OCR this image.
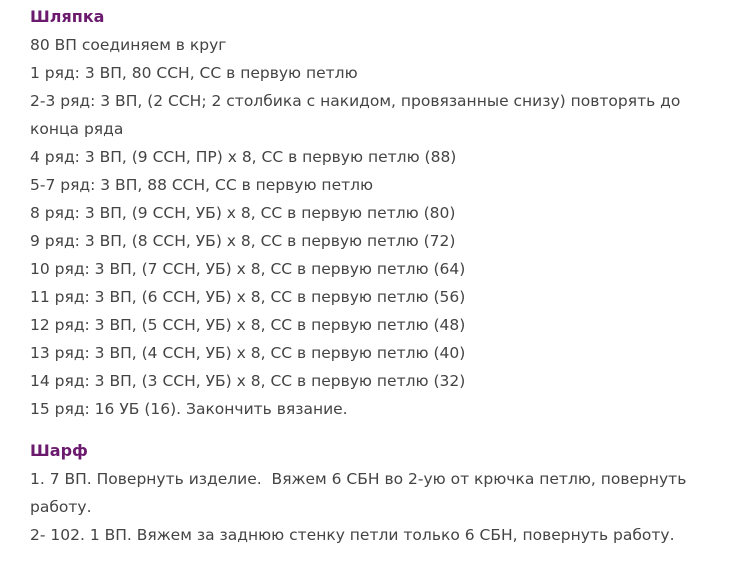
Шляпка
80 ВП соединяем в круг
1 ряд: 3 ВП, 80 ССН, СС в первую петлю
2-3 ряд: 3 ВП, (2 ССН; 2 столбика с накидом, провязанные снизу) повторять до
конца ряда
4 ряд: 3 ВП, (9 ССН, ПР) х 8, СС в первую петлю (88)
5-7 ряд: 3 ВП, 88 ССН, СС в первую петлю
8 ряд: 3 ВП, (9 ССН, УБ) х 8, СС в первую петлю (80)
9 ряд: 3 ВП, (8 ССН, УБ) х 8, СС в первую петлю (72)
10 ряд: 3 ВП, (7 ССН, УБ) х 8, СС в первую петлю (64)
11 ряд: 3 ВП, (6 ССН, УБ) х 8, СС в первую петлю (56)
12 ряд: 3 ВП, (5 ССН, УБ) х 8, СС в первую петлю (48)
13 ряд: 3 ВП, (4 ССН, УБ) х 8, СС в первую петлю (40)
14 ряд: 3 ВП, (3 ССН, УБ) х 8, СС в первую петлю (32)
15 ряд: 16 УБ (16). Закончить вязание.
Шарф
1. 7 ВП. Повернуть изделие.  Вяжем 6 СБН во 2-ую от крючка петлю, повернуть
работу.
2- 102. 1 ВП. Вяжем за заднюю стенку петли только 6 СБН, повернуть работу.
